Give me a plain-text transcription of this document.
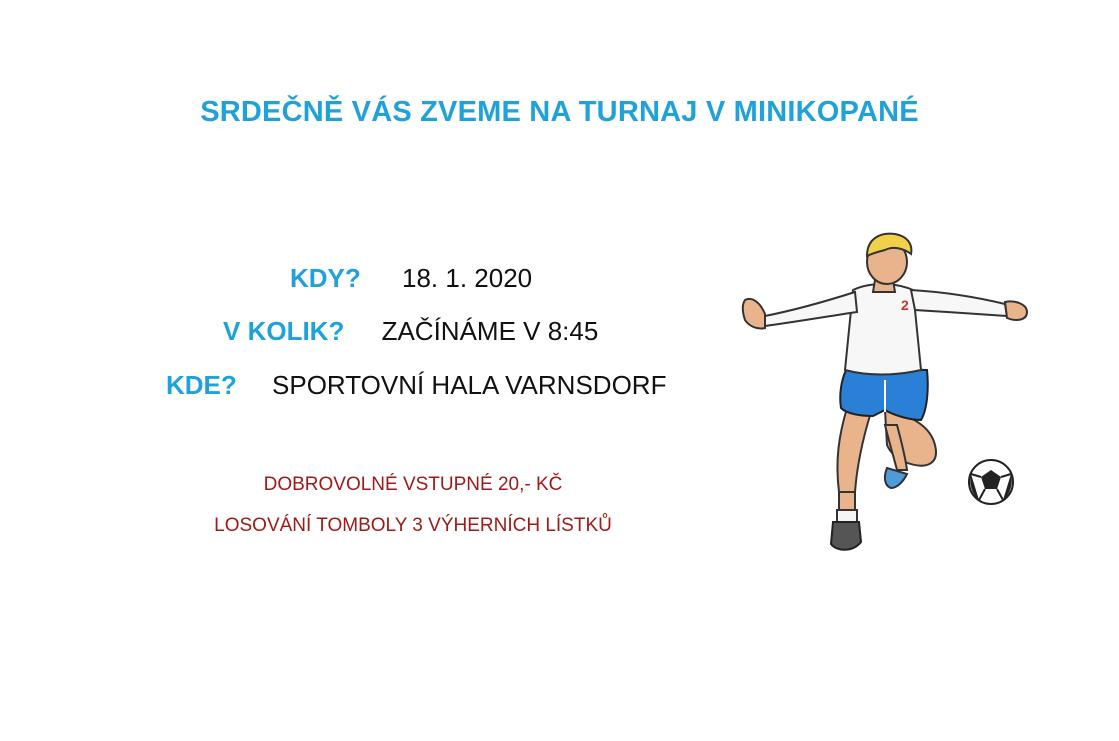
SRDEČNĚ VÁS ZVEME NA TURNAJ V MINIKOPANÉ
KDY? 18. 1. 2020
V KOLIK? ZAČÍNÁME V 8:45
KDE? SPORTOVNÍ HALA VARNSDORF
DOBROVOLNÉ VSTUPNÉ 20,- KČ
LOSOVÁNÍ TOMBOLY 3 VÝHERNÍCH LÍSTKŮ
2
